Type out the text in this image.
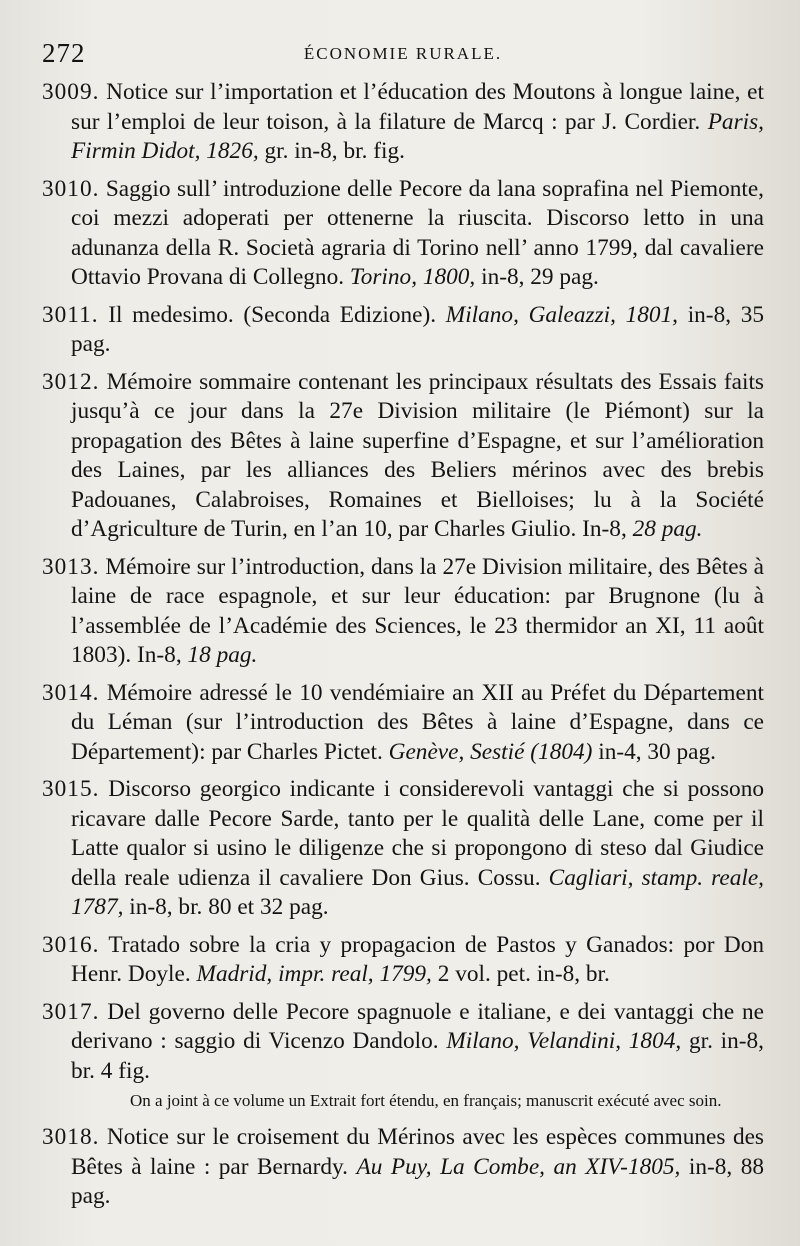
272	ÉCONOMIE RURALE.
3009. Notice sur l’importation et l’éducation des Moutons à longue laine, et sur l’emploi de leur toison, à la filature de Marcq : par J. Cordier. Paris, Firmin Didot, 1826, gr. in-8, br. fig.
3010. Saggio sull’ introduzione delle Pecore da lana soprafina nel Piemonte, coi mezzi adoperati per ottenerne la riuscita. Discorso letto in una adunanza della R. Società agraria di Torino nell’ anno 1799, dal cavaliere Ottavio Provana di Collegno. Torino, 1800, in-8, 29 pag.
3011. Il medesimo. (Seconda Edizione). Milano, Galeazzi, 1801, in-8, 35 pag.
3012. Mémoire sommaire contenant les principaux résultats des Essais faits jusqu’à ce jour dans la 27e Division militaire (le Piémont) sur la propagation des Bêtes à laine superfine d’Espagne, et sur l’amélioration des Laines, par les alliances des Beliers mérinos avec des brebis Padouanes, Calabroises, Romaines et Bielloises; lu à la Société d’Agriculture de Turin, en l’an 10, par Charles Giulio. In-8, 28 pag.
3013. Mémoire sur l’introduction, dans la 27e Division militaire, des Bêtes à laine de race espagnole, et sur leur éducation: par Brugnone (lu à l’assemblée de l’Académie des Sciences, le 23 thermidor an XI, 11 août 1803). In-8, 18 pag.
3014. Mémoire adressé le 10 vendémiaire an XII au Préfet du Département du Léman (sur l’introduction des Bêtes à laine d’Espagne, dans ce Département): par Charles Pictet. Genève, Sestié (1804) in-4, 30 pag.
3015. Discorso georgico indicante i considerevoli vantaggi che si possono ricavare dalle Pecore Sarde, tanto per le qualità delle Lane, come per il Latte qualor si usino le diligenze che si propongono di steso dal Giudice della reale udienza il cavaliere Don Gius. Cossu. Cagliari, stamp. reale, 1787, in-8, br. 80 et 32 pag.
3016. Tratado sobre la cria y propagacion de Pastos y Ganados: por Don Henr. Doyle. Madrid, impr. real, 1799, 2 vol. pet. in-8, br.
3017. Del governo delle Pecore spagnuole e italiane, e dei vantaggi che ne derivano : saggio di Vicenzo Dandolo. Milano, Velandini, 1804, gr. in-8, br. 4 fig.
On a joint à ce volume un Extrait fort étendu, en français; manuscrit exécuté avec soin.
3018. Notice sur le croisement du Mérinos avec les espèces communes des Bêtes à laine : par Bernardy. Au Puy, La Combe, an XIV-1805, in-8, 88 pag.
